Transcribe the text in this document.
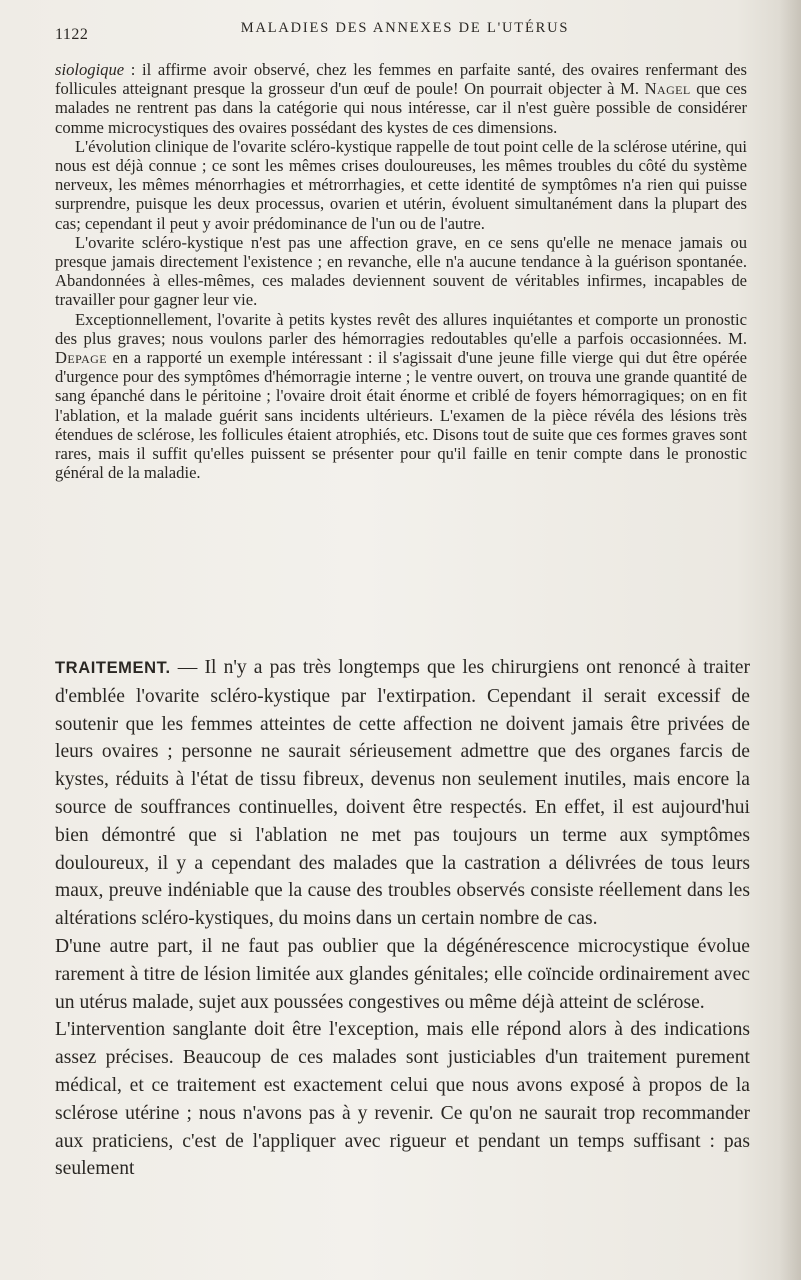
1122	MALADIES DES ANNEXES DE L'UTÉRUS

siologique : il affirme avoir observé, chez les femmes en parfaite santé, des ovaires renfermant des follicules atteignant presque la grosseur d'un œuf de poule! On pourrait objecter à M. Nagel que ces malades ne rentrent pas dans la catégorie qui nous intéresse, car il n'est guère possible de considérer comme microcystiques des ovaires possédant des kystes de ces dimensions.

L'évolution clinique de l'ovarite scléro-kystique rappelle de tout point celle de la sclérose utérine, qui nous est déjà connue ; ce sont les mêmes crises douloureuses, les mêmes troubles du côté du système nerveux, les mêmes ménorrhagies et métrorrhagies, et cette identité de symptômes n'a rien qui puisse surprendre, puisque les deux processus, ovarien et utérin, évoluent simultanément dans la plupart des cas; cependant il peut y avoir prédominance de l'un ou de l'autre.

L'ovarite scléro-kystique n'est pas une affection grave, en ce sens qu'elle ne menace jamais ou presque jamais directement l'existence ; en revanche, elle n'a aucune tendance à la guérison spontanée. Abandonnées à elles-mêmes, ces malades deviennent souvent de véritables infirmes, incapables de travailler pour gagner leur vie.

Exceptionnellement, l'ovarite à petits kystes revêt des allures inquiétantes et comporte un pronostic des plus graves; nous voulons parler des hémorragies redoutables qu'elle a parfois occasionnées. M. Depage en a rapporté un exemple intéressant : il s'agissait d'une jeune fille vierge qui dut être opérée d'urgence pour des symptômes d'hémorragie interne ; le ventre ouvert, on trouva une grande quantité de sang épanché dans le péritoine ; l'ovaire droit était énorme et criblé de foyers hémorragiques; on en fit l'ablation, et la malade guérit sans incidents ultérieurs. L'examen de la pièce révéla des lésions très étendues de sclérose, les follicules étaient atrophiés, etc. Disons tout de suite que ces formes graves sont rares, mais il suffit qu'elles puissent se présenter pour qu'il faille en tenir compte dans le pronostic général de la maladie.

TRAITEMENT. — Il n'y a pas très longtemps que les chirurgiens ont renoncé à traiter d'emblée l'ovarite scléro-kystique par l'extirpation. Cependant il serait excessif de soutenir que les femmes atteintes de cette affection ne doivent jamais être privées de leurs ovaires ; personne ne saurait sérieusement admettre que des organes farcis de kystes, réduits à l'état de tissu fibreux, devenus non seulement inutiles, mais encore la source de souffrances continuelles, doivent être respectés. En effet, il est aujourd'hui bien démontré que si l'ablation ne met pas toujours un terme aux symptômes douloureux, il y a cependant des malades que la castration a délivrées de tous leurs maux, preuve indéniable que la cause des troubles observés consiste réellement dans les altérations scléro-kystiques, du moins dans un certain nombre de cas.

D'une autre part, il ne faut pas oublier que la dégénérescence microcystique évolue rarement à titre de lésion limitée aux glandes génitales; elle coïncide ordinairement avec un utérus malade, sujet aux poussées congestives ou même déjà atteint de sclérose.

L'intervention sanglante doit être l'exception, mais elle répond alors à des indications assez précises. Beaucoup de ces malades sont justiciables d'un traitement purement médical, et ce traitement est exactement celui que nous avons exposé à propos de la sclérose utérine ; nous n'avons pas à y revenir. Ce qu'on ne saurait trop recommander aux praticiens, c'est de l'appliquer avec rigueur et pendant un temps suffisant : pas seulement
